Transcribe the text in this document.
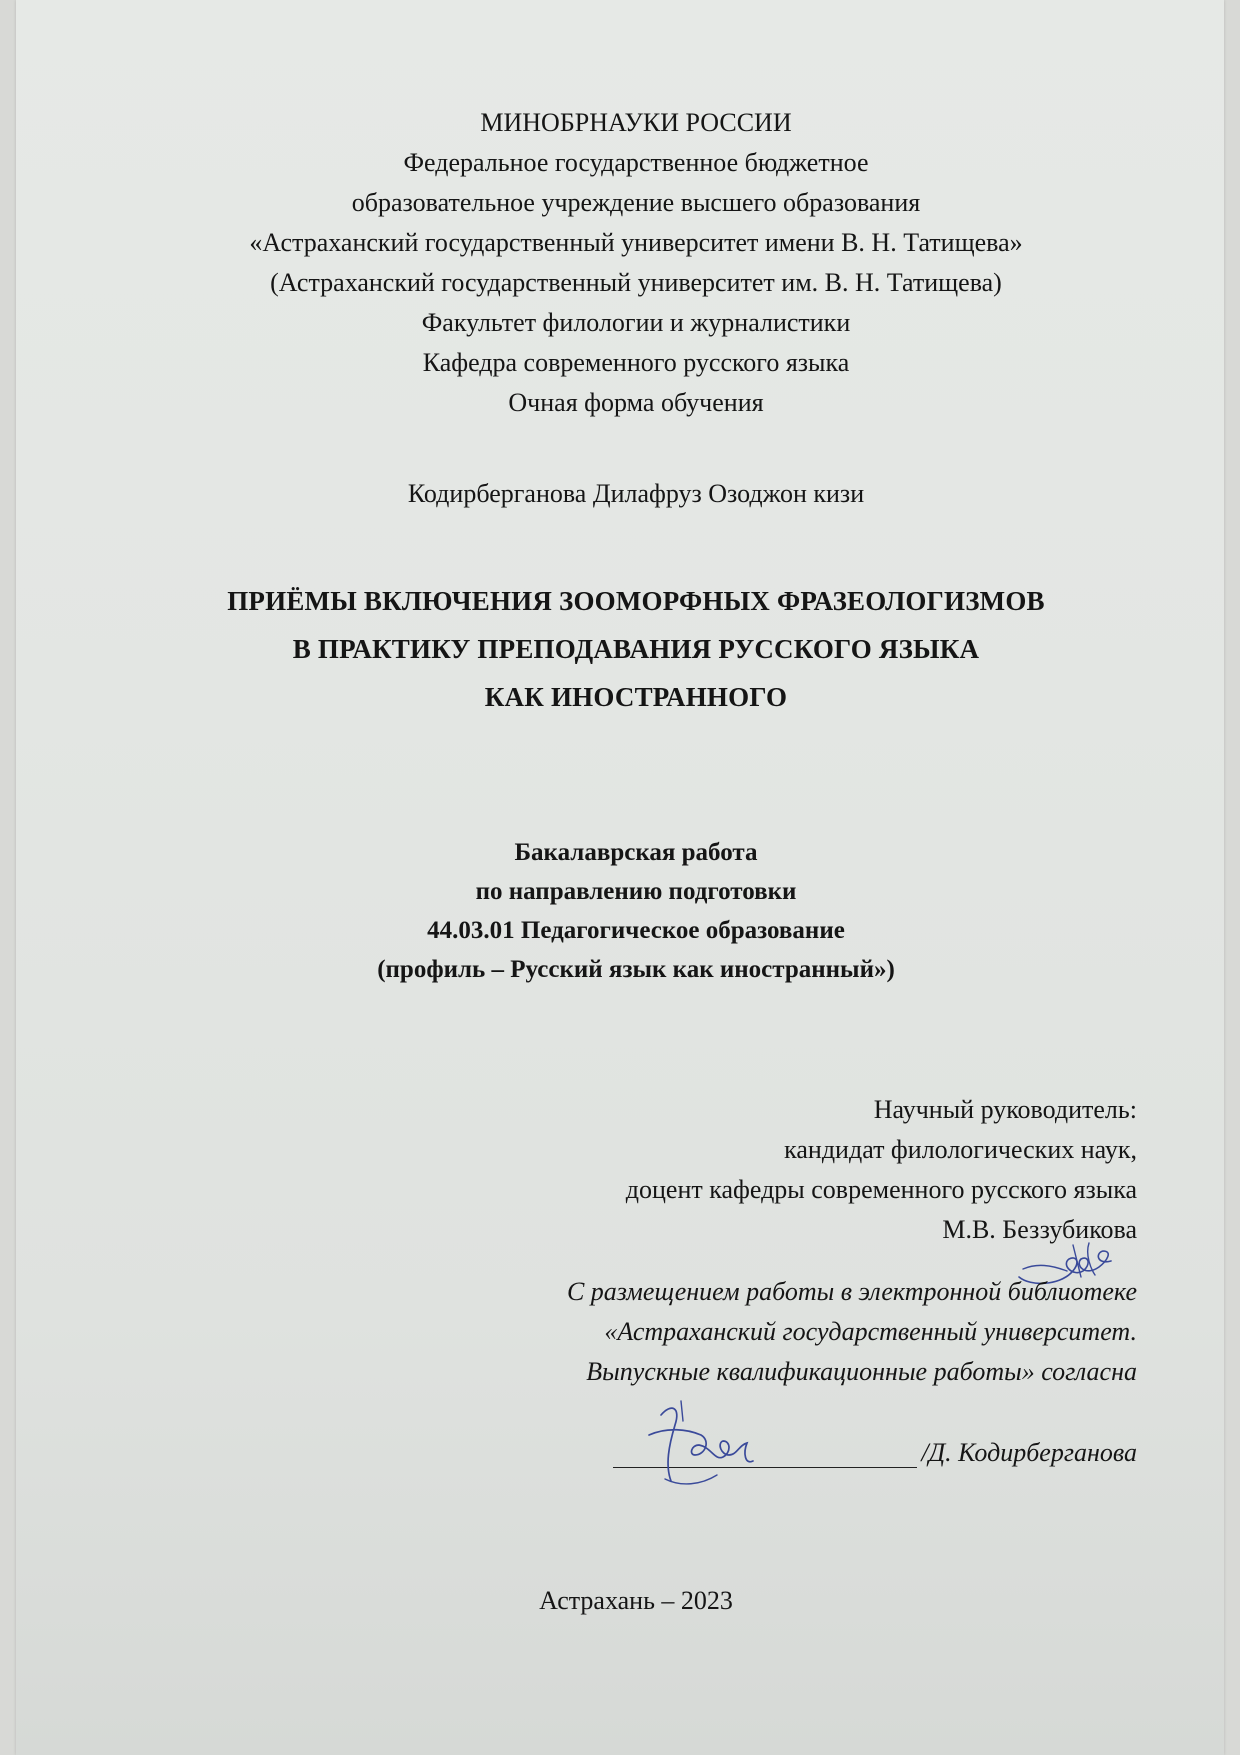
МИНОБРНАУКИ РОССИИ
Федеральное государственное бюджетное
образовательное учреждение высшего образования
«Астраханский государственный университет имени В. Н. Татищева»
(Астраханский государственный университет им. В. Н. Татищева)
Факультет филологии и журналистики
Кафедра современного русского языка
Очная форма обучения
Кодирберганова Дилафруз Озоджон кизи
ПРИЁМЫ ВКЛЮЧЕНИЯ ЗООМОРФНЫХ ФРАЗЕОЛОГИЗМОВ
В ПРАКТИКУ ПРЕПОДАВАНИЯ РУССКОГО ЯЗЫКА
КАК ИНОСТРАННОГО
Бакалаврская работа
по направлению подготовки
44.03.01 Педагогическое образование
(профиль – Русский язык как иностранный»)
Научный руководитель:
кандидат филологических наук,
доцент кафедры современного русского языка
М.В. Беззубикова
С размещением работы в электронной библиотеке
«Астраханский государственный университет.
Выпускные квалификационные работы» согласна
/Д. Кодирберганова
Астрахань – 2023
